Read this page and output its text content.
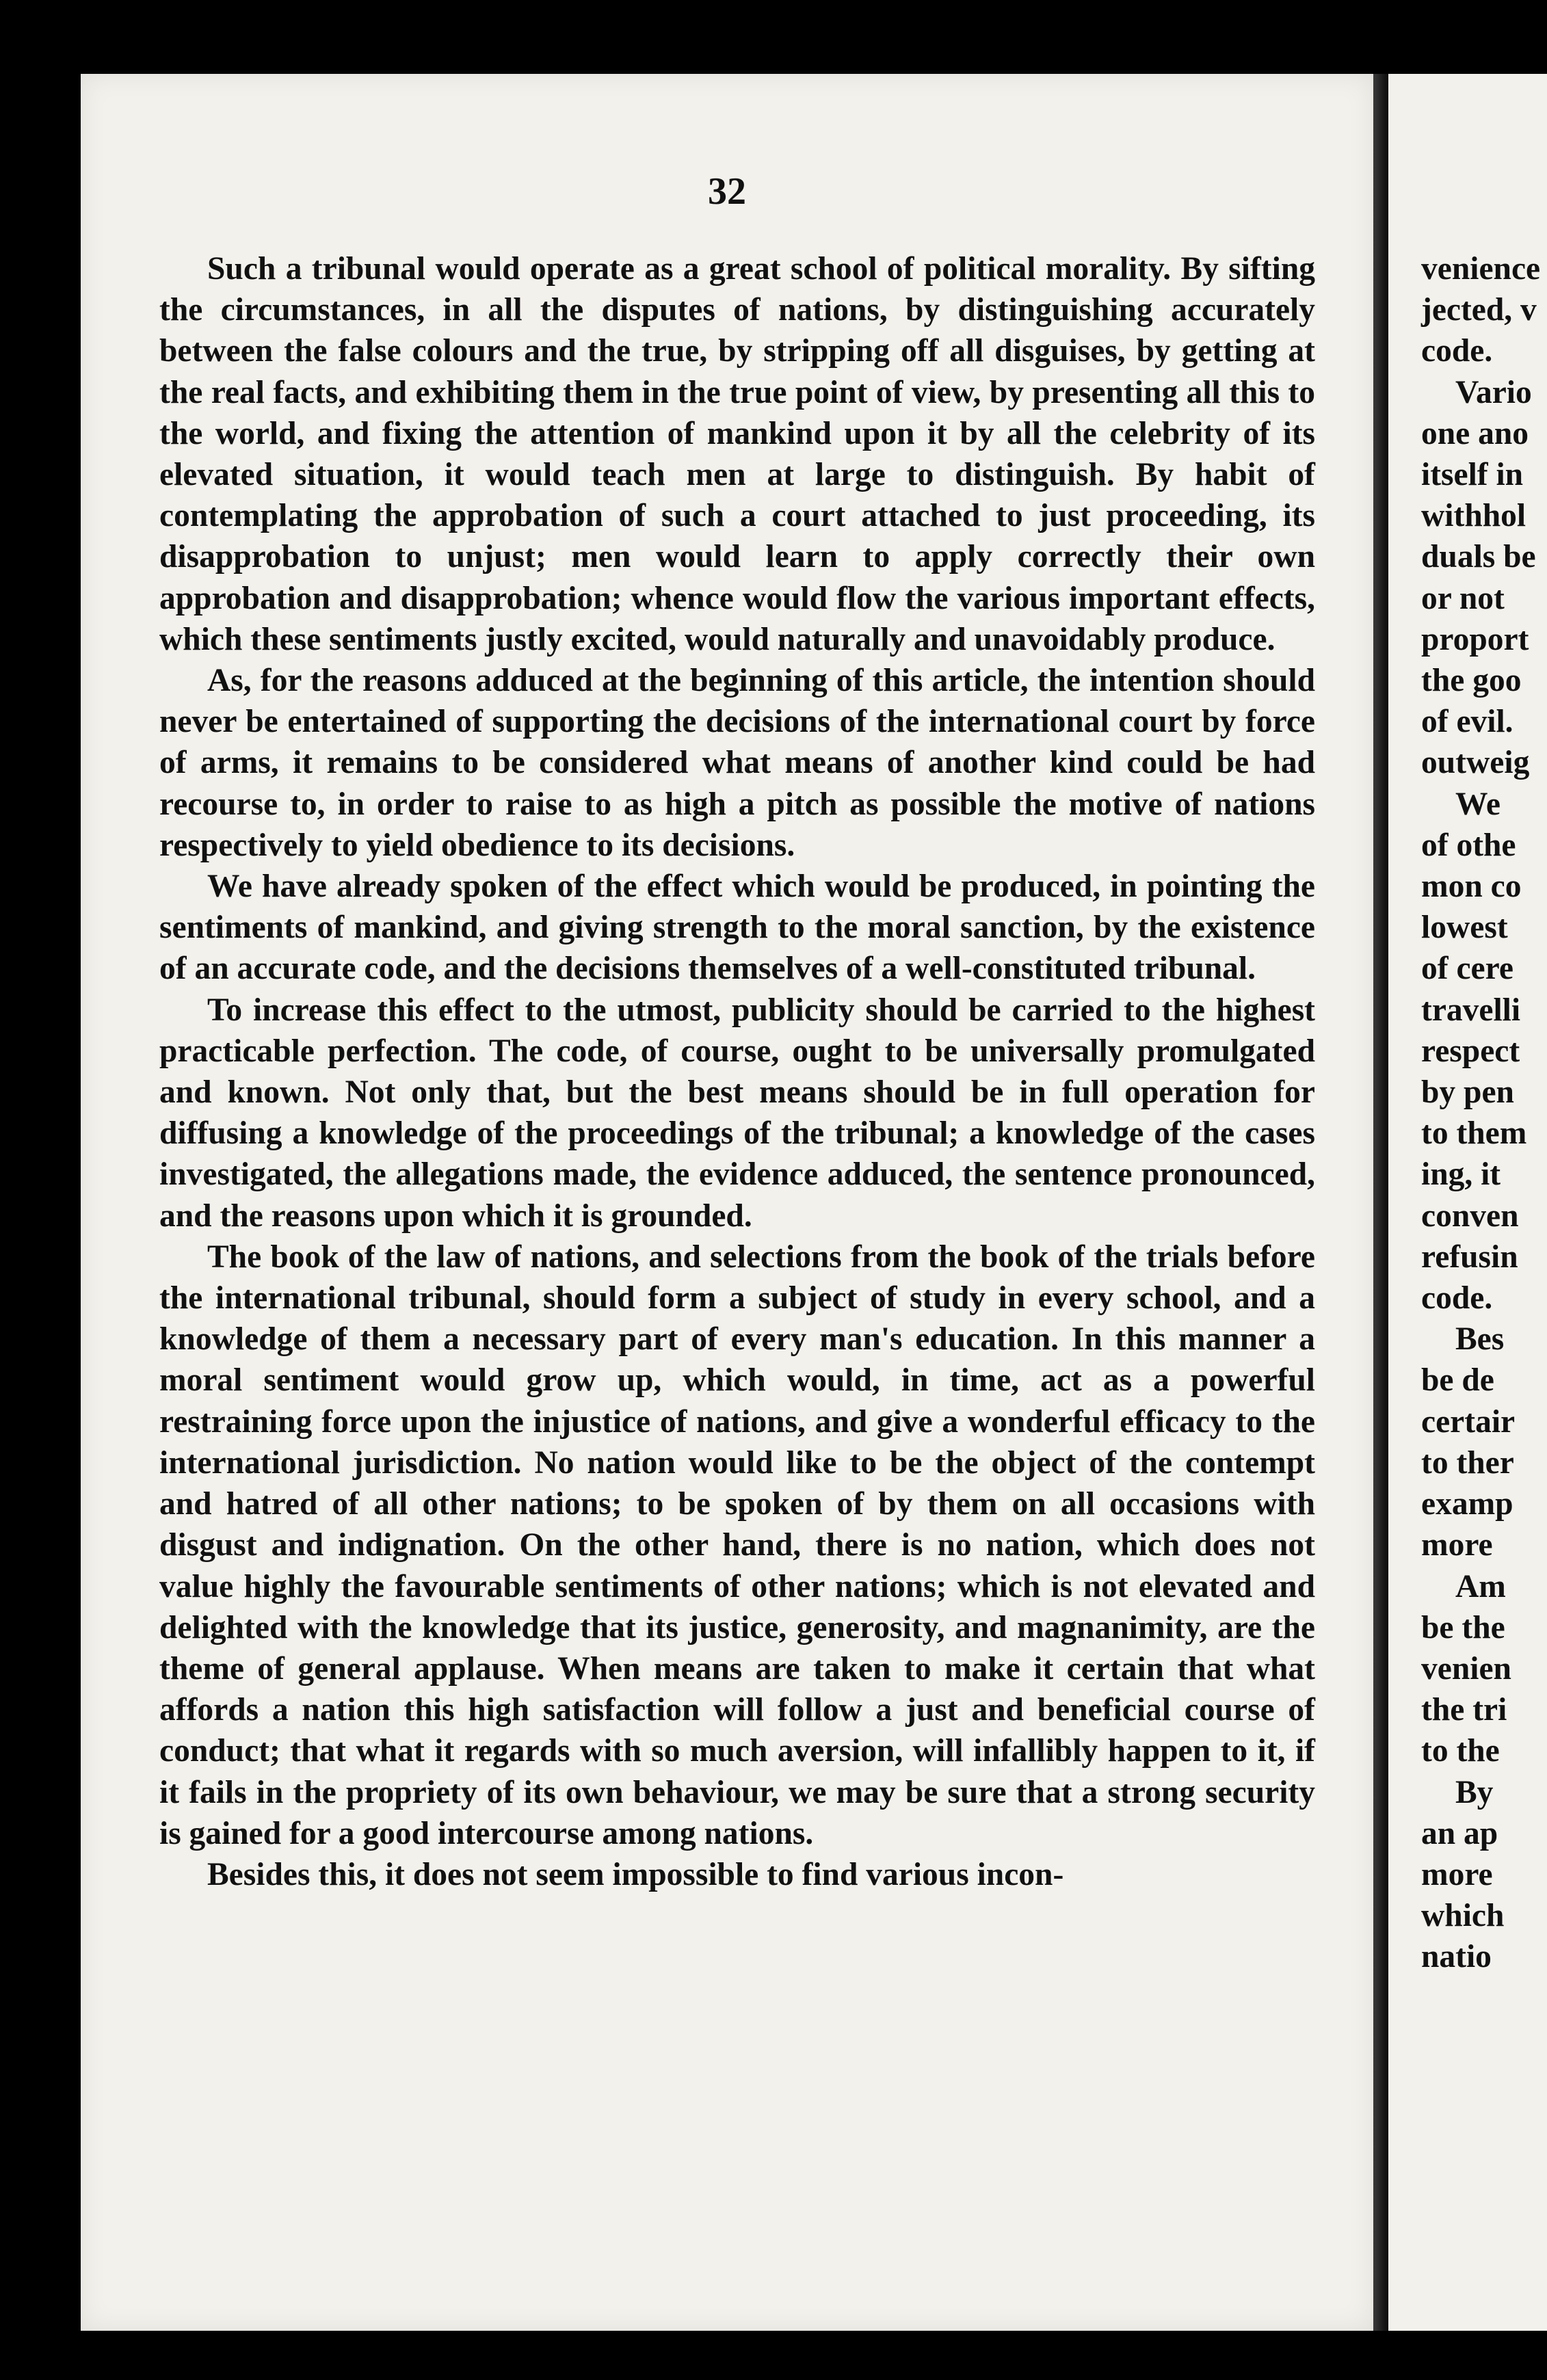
32

Such a tribunal would operate as a great school of political morality. By sifting the circumstances, in all the disputes of nations, by distinguishing accurately between the false colours and the true, by stripping off all disguises, by getting at the real facts, and exhibiting them in the true point of view, by presenting all this to the world, and fixing the attention of mankind upon it by all the celebrity of its elevated situation, it would teach men at large to distinguish. By habit of contemplating the approbation of such a court attached to just proceeding, its disapprobation to unjust; men would learn to apply correctly their own approbation and disapprobation; whence would flow the various important effects, which these sentiments justly excited, would naturally and unavoidably produce.

As, for the reasons adduced at the beginning of this article, the intention should never be entertained of supporting the decisions of the international court by force of arms, it remains to be considered what means of another kind could be had recourse to, in order to raise to as high a pitch as possible the motive of nations respectively to yield obedience to its decisions.

We have already spoken of the effect which would be produced, in pointing the sentiments of mankind, and giving strength to the moral sanction, by the existence of an accurate code, and the decisions themselves of a well-constituted tribunal.

To increase this effect to the utmost, publicity should be carried to the highest practicable perfection. The code, of course, ought to be universally promulgated and known. Not only that, but the best means should be in full operation for diffusing a knowledge of the proceedings of the tribunal; a knowledge of the cases investigated, the allegations made, the evidence adduced, the sentence pronounced, and the reasons upon which it is grounded.

The book of the law of nations, and selections from the book of the trials before the international tribunal, should form a subject of study in every school, and a knowledge of them a necessary part of every man's education. In this manner a moral sentiment would grow up, which would, in time, act as a powerful restraining force upon the injustice of nations, and give a wonderful efficacy to the international jurisdiction. No nation would like to be the object of the contempt and hatred of all other nations; to be spoken of by them on all occasions with disgust and indignation. On the other hand, there is no nation, which does not value highly the favourable sentiments of other nations; which is not elevated and delighted with the knowledge that its justice, generosity, and magnanimity, are the theme of general applause. When means are taken to make it certain that what affords a nation this high satisfaction will follow a just and beneficial course of conduct; that what it regards with so much aversion, will infallibly happen to it, if it fails in the propriety of its own behaviour, we may be sure that a strong security is gained for a good intercourse among nations.

Besides this, it does not seem impossible to find various incon-

venience
jected, v
code.
Vario
one ano
itself in
withhol
duals be
or not
proport
the goo
of evil.
outweig
We
of othe
mon co
lowest
of cere
travelli
respect
by pen
to them
ing, it
conven
refusin
code.
Bes
be de
certair
to ther
examp
more
Am
be the
venien
the tri
to the
By
an ap
more
which
natio
